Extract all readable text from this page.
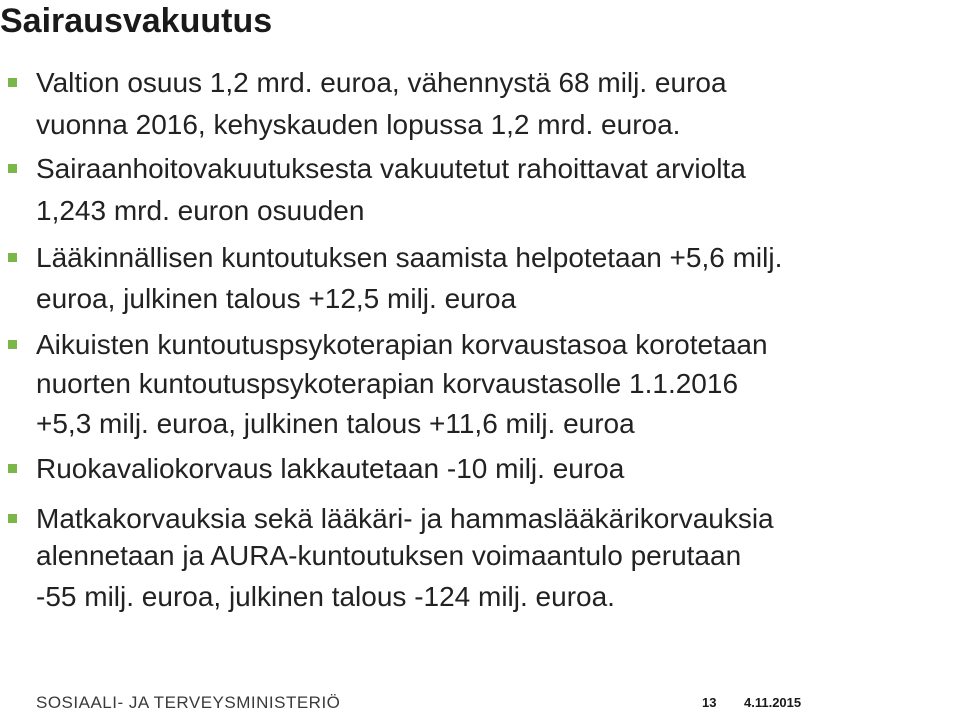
Sairausvakuutus
Valtion osuus 1,2 mrd. euroa, vähennystä 68 milj. euroa
vuonna 2016, kehyskauden lopussa 1,2 mrd. euroa.
Sairaanhoitovakuutuksesta vakuutetut rahoittavat arviolta
1,243 mrd. euron osuuden
Lääkinnällisen kuntoutuksen saamista helpotetaan +5,6 milj.
euroa, julkinen talous +12,5 milj. euroa
Aikuisten kuntoutuspsykoterapian korvaustasoa korotetaan
nuorten kuntoutuspsykoterapian korvaustasolle 1.1.2016
+5,3 milj. euroa, julkinen talous +11,6 milj. euroa
Ruokavaliokorvaus lakkautetaan -10 milj. euroa
Matkakorvauksia sekä lääkäri- ja hammaslääkärikorvauksia
alennetaan ja AURA-kuntoutuksen voimaantulo perutaan
-55 milj. euroa, julkinen talous -124 milj. euroa.
SOSIAALI- JA TERVEYSMINISTERIÖ	13 4.11.2015
